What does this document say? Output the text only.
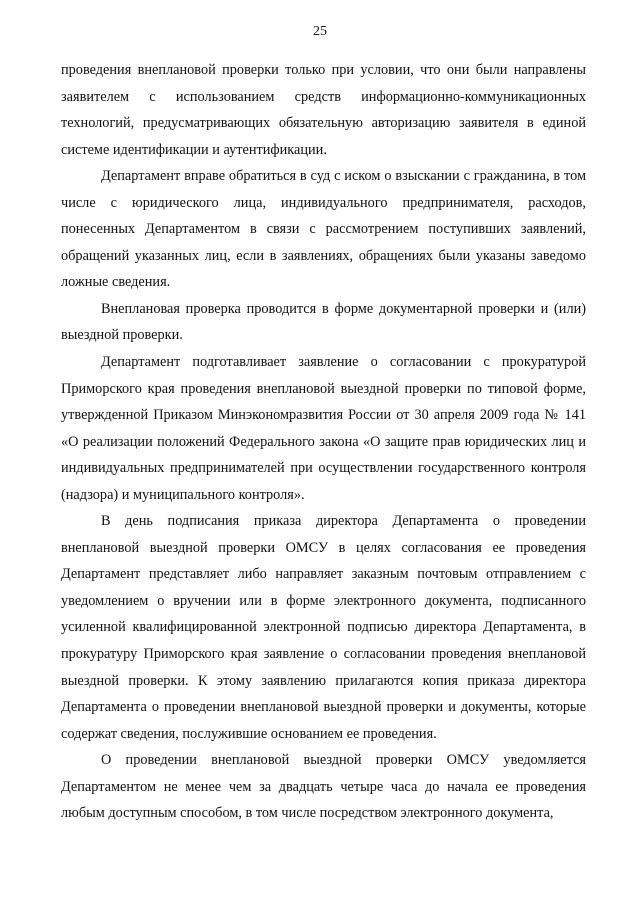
25

проведения внеплановой проверки только при условии, что они были направлены заявителем с использованием средств информационно-коммуникационных технологий, предусматривающих обязательную авторизацию заявителя в единой системе идентификации и аутентификации.

Департамент вправе обратиться в суд с иском о взыскании с гражданина, в том числе с юридического лица, индивидуального предпринимателя, расходов, понесенных Департаментом в связи с рассмотрением поступивших заявлений, обращений указанных лиц, если в заявлениях, обращениях были указаны заведомо ложные сведения.

Внеплановая проверка проводится в форме документарной проверки и (или) выездной проверки.

Департамент подготавливает заявление о согласовании с прокуратурой Приморского края проведения внеплановой выездной проверки по типовой форме, утвержденной Приказом Минэкономразвития России от 30 апреля 2009 года № 141 «О реализации положений Федерального закона «О защите прав юридических лиц и индивидуальных предпринимателей при осуществлении государственного контроля (надзора) и муниципального контроля».

В день подписания приказа директора Департамента о проведении внеплановой выездной проверки ОМСУ в целях согласования ее проведения Департамент представляет либо направляет заказным почтовым отправлением с уведомлением о вручении или в форме электронного документа, подписанного усиленной квалифицированной электронной подписью директора Департамента, в прокуратуру Приморского края заявление о согласовании проведения внеплановой выездной проверки. К этому заявлению прилагаются копия приказа директора Департамента о проведении внеплановой выездной проверки и документы, которые содержат сведения, послужившие основанием ее проведения.

О проведении внеплановой выездной проверки ОМСУ уведомляется Департаментом не менее чем за двадцать четыре часа до начала ее проведения любым доступным способом, в том числе посредством электронного документа,
